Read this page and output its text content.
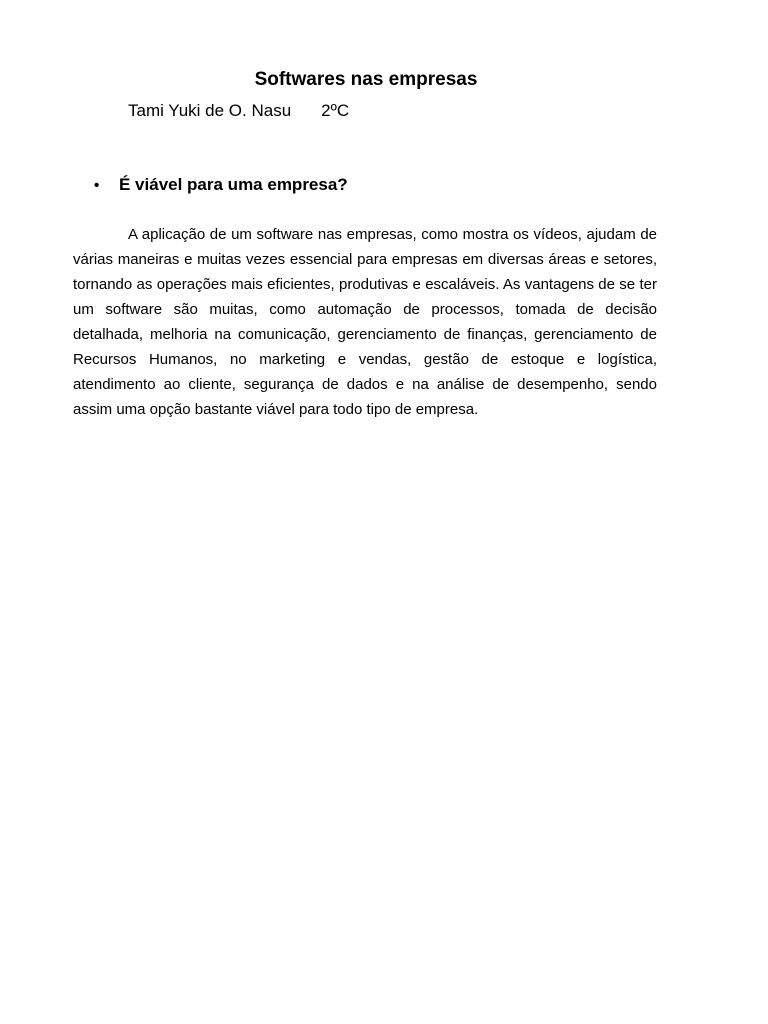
Softwares nas empresas
Tami Yuki de O. Nasu 2ºC
• É viável para uma empresa?

A aplicação de um software nas empresas, como mostra os vídeos, ajudam de várias maneiras e muitas vezes essencial para empresas em diversas áreas e setores, tornando as operações mais eficientes, produtivas e escaláveis. As vantagens de se ter um software são muitas, como automação de processos, tomada de decisão detalhada, melhoria na comunicação, gerenciamento de finanças, gerenciamento de Recursos Humanos, no marketing e vendas, gestão de estoque e logística, atendimento ao cliente, segurança de dados e na análise de desempenho, sendo assim uma opção bastante viável para todo tipo de empresa.
